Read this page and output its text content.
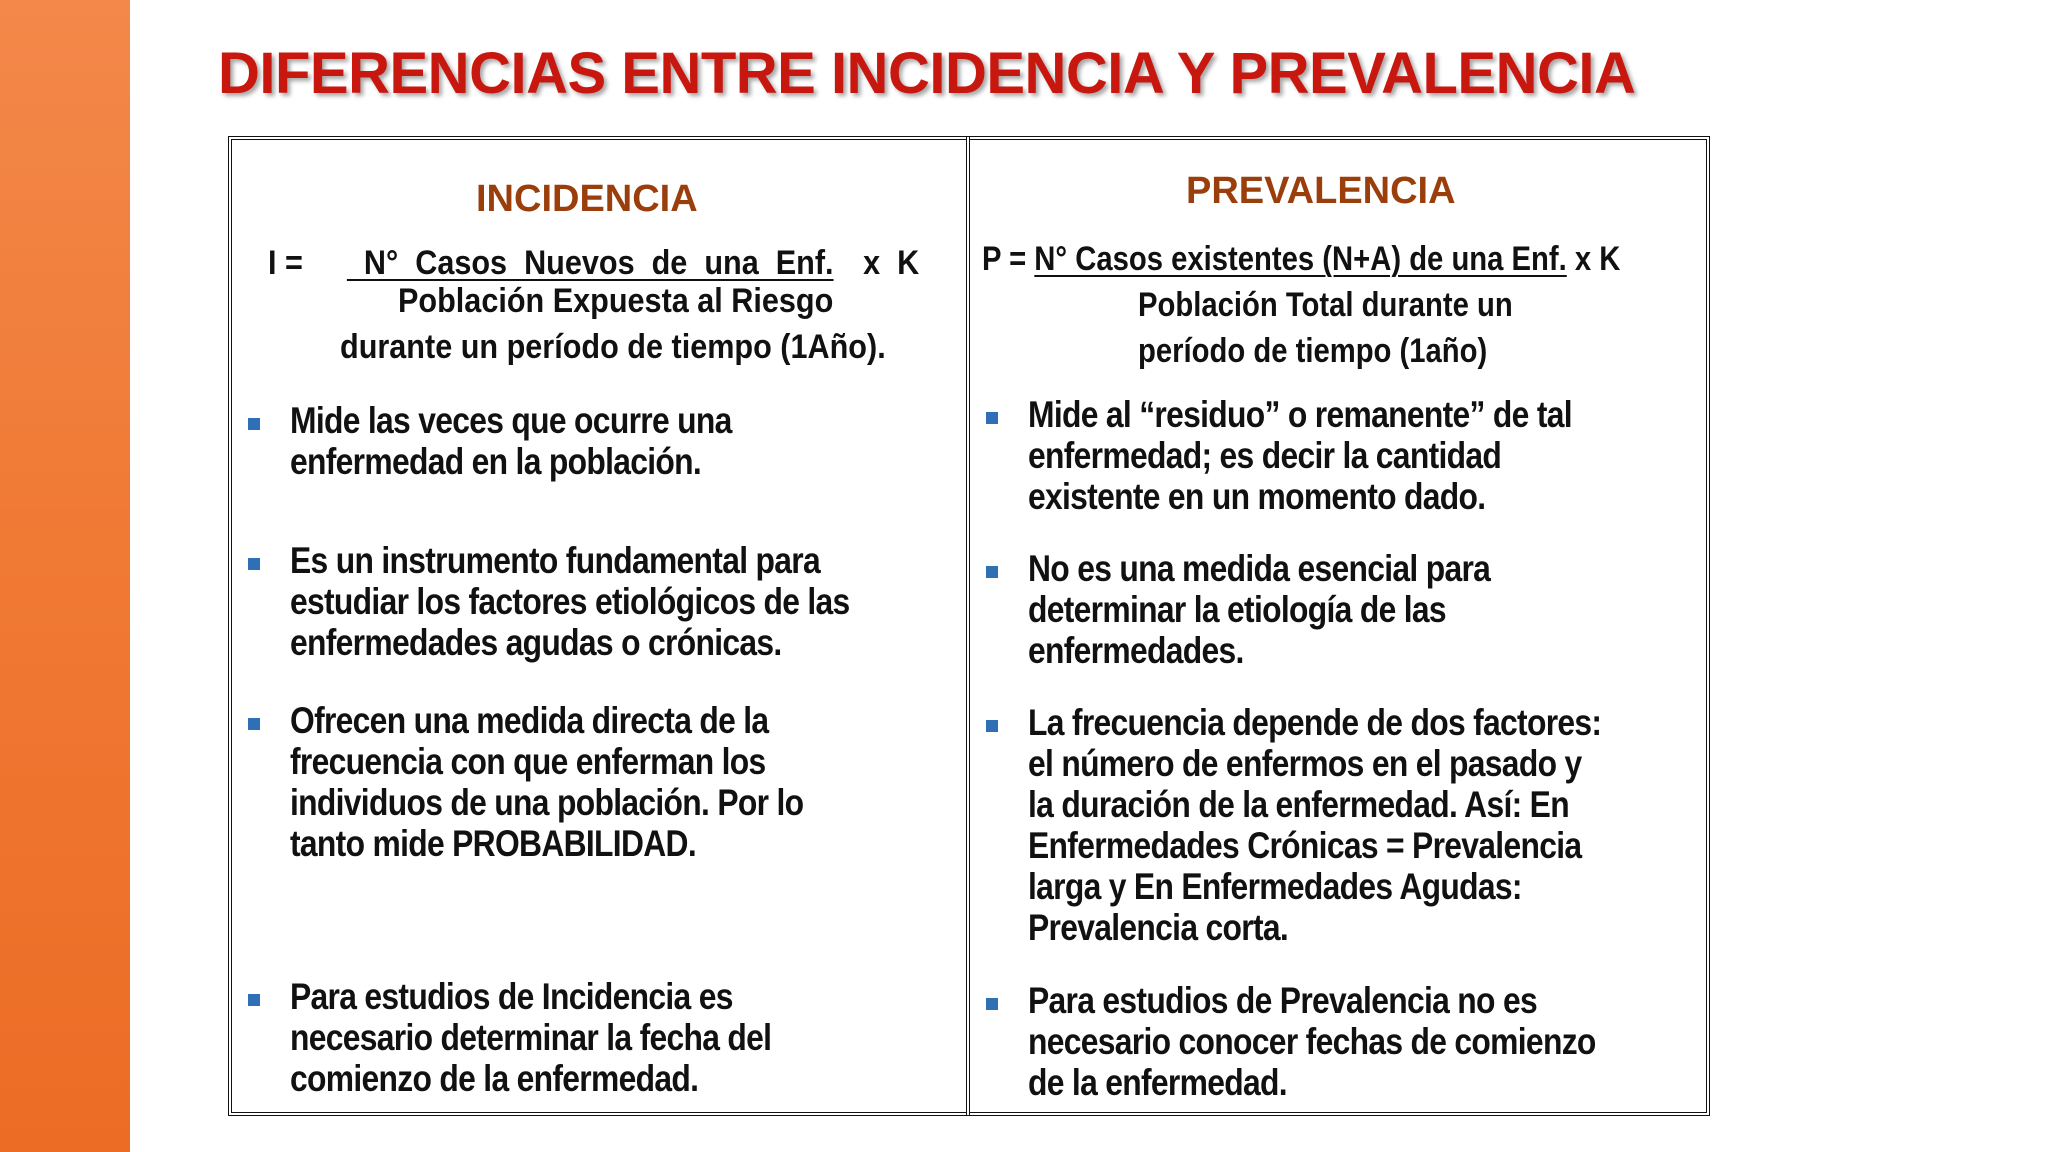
DIFERENCIAS ENTRE INCIDENCIA Y PREVALENCIA
INCIDENCIA
I =    N°  Casos  Nuevos  de  una  Enf. x  K
Población Expuesta al Riesgo
durante un período de tiempo (1Año).
Mide las veces que ocurre una
enfermedad en la población.
Es un instrumento fundamental para
estudiar los factores etiológicos de las
enfermedades agudas o crónicas.
Ofrecen una medida directa de la
frecuencia con que enferman los
individuos de una población. Por lo
tanto mide PROBABILIDAD.
Para estudios de Incidencia es
necesario determinar la fecha del
comienzo de la enfermedad.
PREVALENCIA
P = N° Casos existentes (N+A) de una Enf. x K
Población Total durante un
período de tiempo (1año)
Mide al “residuo” o remanente” de tal
enfermedad; es decir la cantidad
existente en un momento dado.
No es una medida esencial para
determinar la etiología de las
enfermedades.
La frecuencia depende de dos factores:
el número de enfermos en el pasado y
la duración de la enfermedad. Así: En
Enfermedades Crónicas = Prevalencia
larga y En Enfermedades Agudas:
Prevalencia corta.
Para estudios de Prevalencia no es
necesario conocer fechas de comienzo
de la enfermedad.
